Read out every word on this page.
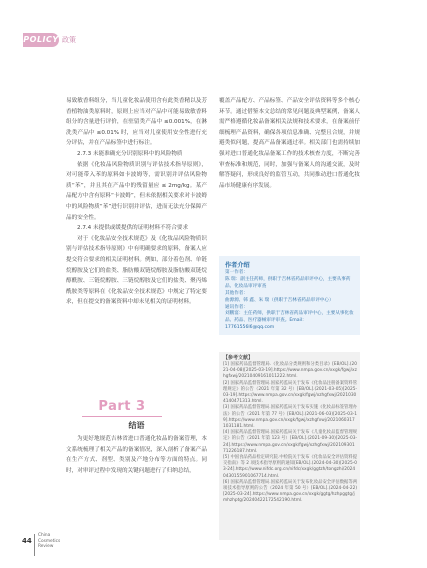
POLICY 政策

易致敏香料组分，当儿童化妆品使用含有此类香精以及芳香植物油类原料时，原则上应当对产品中可能易致敏香料组分的含量进行评价，在驻留类产品中 ≤0.001%，在淋洗类产品中 ≤0.01% 时，应当对儿童使用安全性进行充分评估，并在产品标签中进行标注。

2.7.3 未能准确充分识别原料中的风险物质

依据《化妆品风险物质识别与评估技术指导原则》，对可能带入苯的原料如卡波姆等，需识别并评估风险物质“苯”，并且其在产品中的残留量应 ≤ 2mg/kg。某产品配方中含有原料“卡波姆”，但未依据相关要求对卡波姆中的风险物质“苯”进行识别并评估，进而无法充分保障产品的安全性。

2.7.4 未提供或缓提供的证明材料不符合要求

对于《化妆品安全技术规范》及《化妆品风险物质识别与评估技术指导原则》中有明确要求的原料，备案人应提交符合要求的相关证明材料。例如，部分着色剂、单链烷醇胺及它们的盐类、脂肪酸双链烷醇胺及脂肪酸双链烷醇酰胺、三链烷醇胺、三链烷醇胺及它们的盐类、聚丙烯酰胺类等原料在《化妆品安全技术规范》中规定了特定要求，但在提交的备案资料中却未见相关的证明材料。

覆盖产品配方、产品标签、产品安全评估资料等多个核心环节。通过借鉴本文总结的常见问题及典型案例，备案人需严格遵循化妆品备案相关法规和技术要求，在备案前仔细梳理产品资料，确保各项信息准确、完整且合规，并规避类似问题，提高产品备案通过率。相关部门也需持续加强对进口普通化妆品备案工作的技术核查力度，不断完善审查标准和规范，同时，加强与备案人的沟通交流，及时解答疑问，形成良好的监管互动，共同推动进口普通化妆品市场健康有序发展。

作者介绍

第一作者：

陈 瑞：副主任药师，供职于吉林省药品审评中心，主要从事药品、化妆品审评审查

其他作者：

曲源源、韩 鑫、朱 瑞（供职于吉林省药品审评中心）

通讯作者：

刘鹏宴：主任药师，供职于吉林省药品审评中心，主要从事化妆品、药品、医疗器械审评审查。Email：17761556l6@qq.com

【参考文献】

[1] 国家药品监督管理局.《化妆品分类规则和分类目录》[EB/OL].(2021-04-08)[2025-03-19].https://www.nmpa.gov.cn/xxgk/fgwj/xzhgfxwj/20210409161011222.html.

[2] 国家药品监督管理局.国家药监局关于发布《化妆品注册备案资料管理规定》的公告（2021 年第 32 号）[EB/OL].(2021-03-05)[2025-03-19].https://www.nmpa.gov.cn/xxgk/fgwj/xzhgfxwj/20210304140471313.html.

[3] 国家药品监督管理局.国家药监局关于发布实施《化妆品标签管理办法》的公告（2021 年第 77 号）[EB/OL].(2021-06-03)[2025-03-19].https://www.nmpa.gov.cn/xxgk/fgwj/xzhgfxwj/20210603171031181.html.

[4] 国家药品监督管理局.国家药监局关于发布《儿童化妆品监督管理规定》的公告（2021 年第 123 号）[EB/OL].(2021-09-30)[2025-03-24].https://www.nmpa.gov.cn/xxgk/fgwj/xzhgfxwj/20210930171226187.html.

[5] 中国食品药品检定研究院.中检院关于发布《化妆品安全评估资料提交指南》等 2 项技术指导原则的通知[EB/OL].(2024-04-30)[2025-03-24].https://www.nifdc.org.cn/nifdc/xxgk/ggtzh/tongzhi/20240430155901067714.html.

[6] 国家药品监督管理局.国家药监局关于发布化妆品安全评估数据等两项技术指导原则的公告（2024 年第 50 号）[EB/OL].(2024-04-22)[2025-03-24].https://www.nmpa.gov.cn/xxgk/ggtg/hzhpggtg/jmhzhptg/20240422172542190.html.

Part 3
结语

为更好地规范吉林省进口普通化妆品的备案管理，本文系统梳理了相关产品的备案情况，深入剖析了备案产品在生产方式、剂型、类别及产地分布等方面的特点。同时，对审评过程中发现的关键问题进行了归纳总结，

44
China
Cosmetics
Review
